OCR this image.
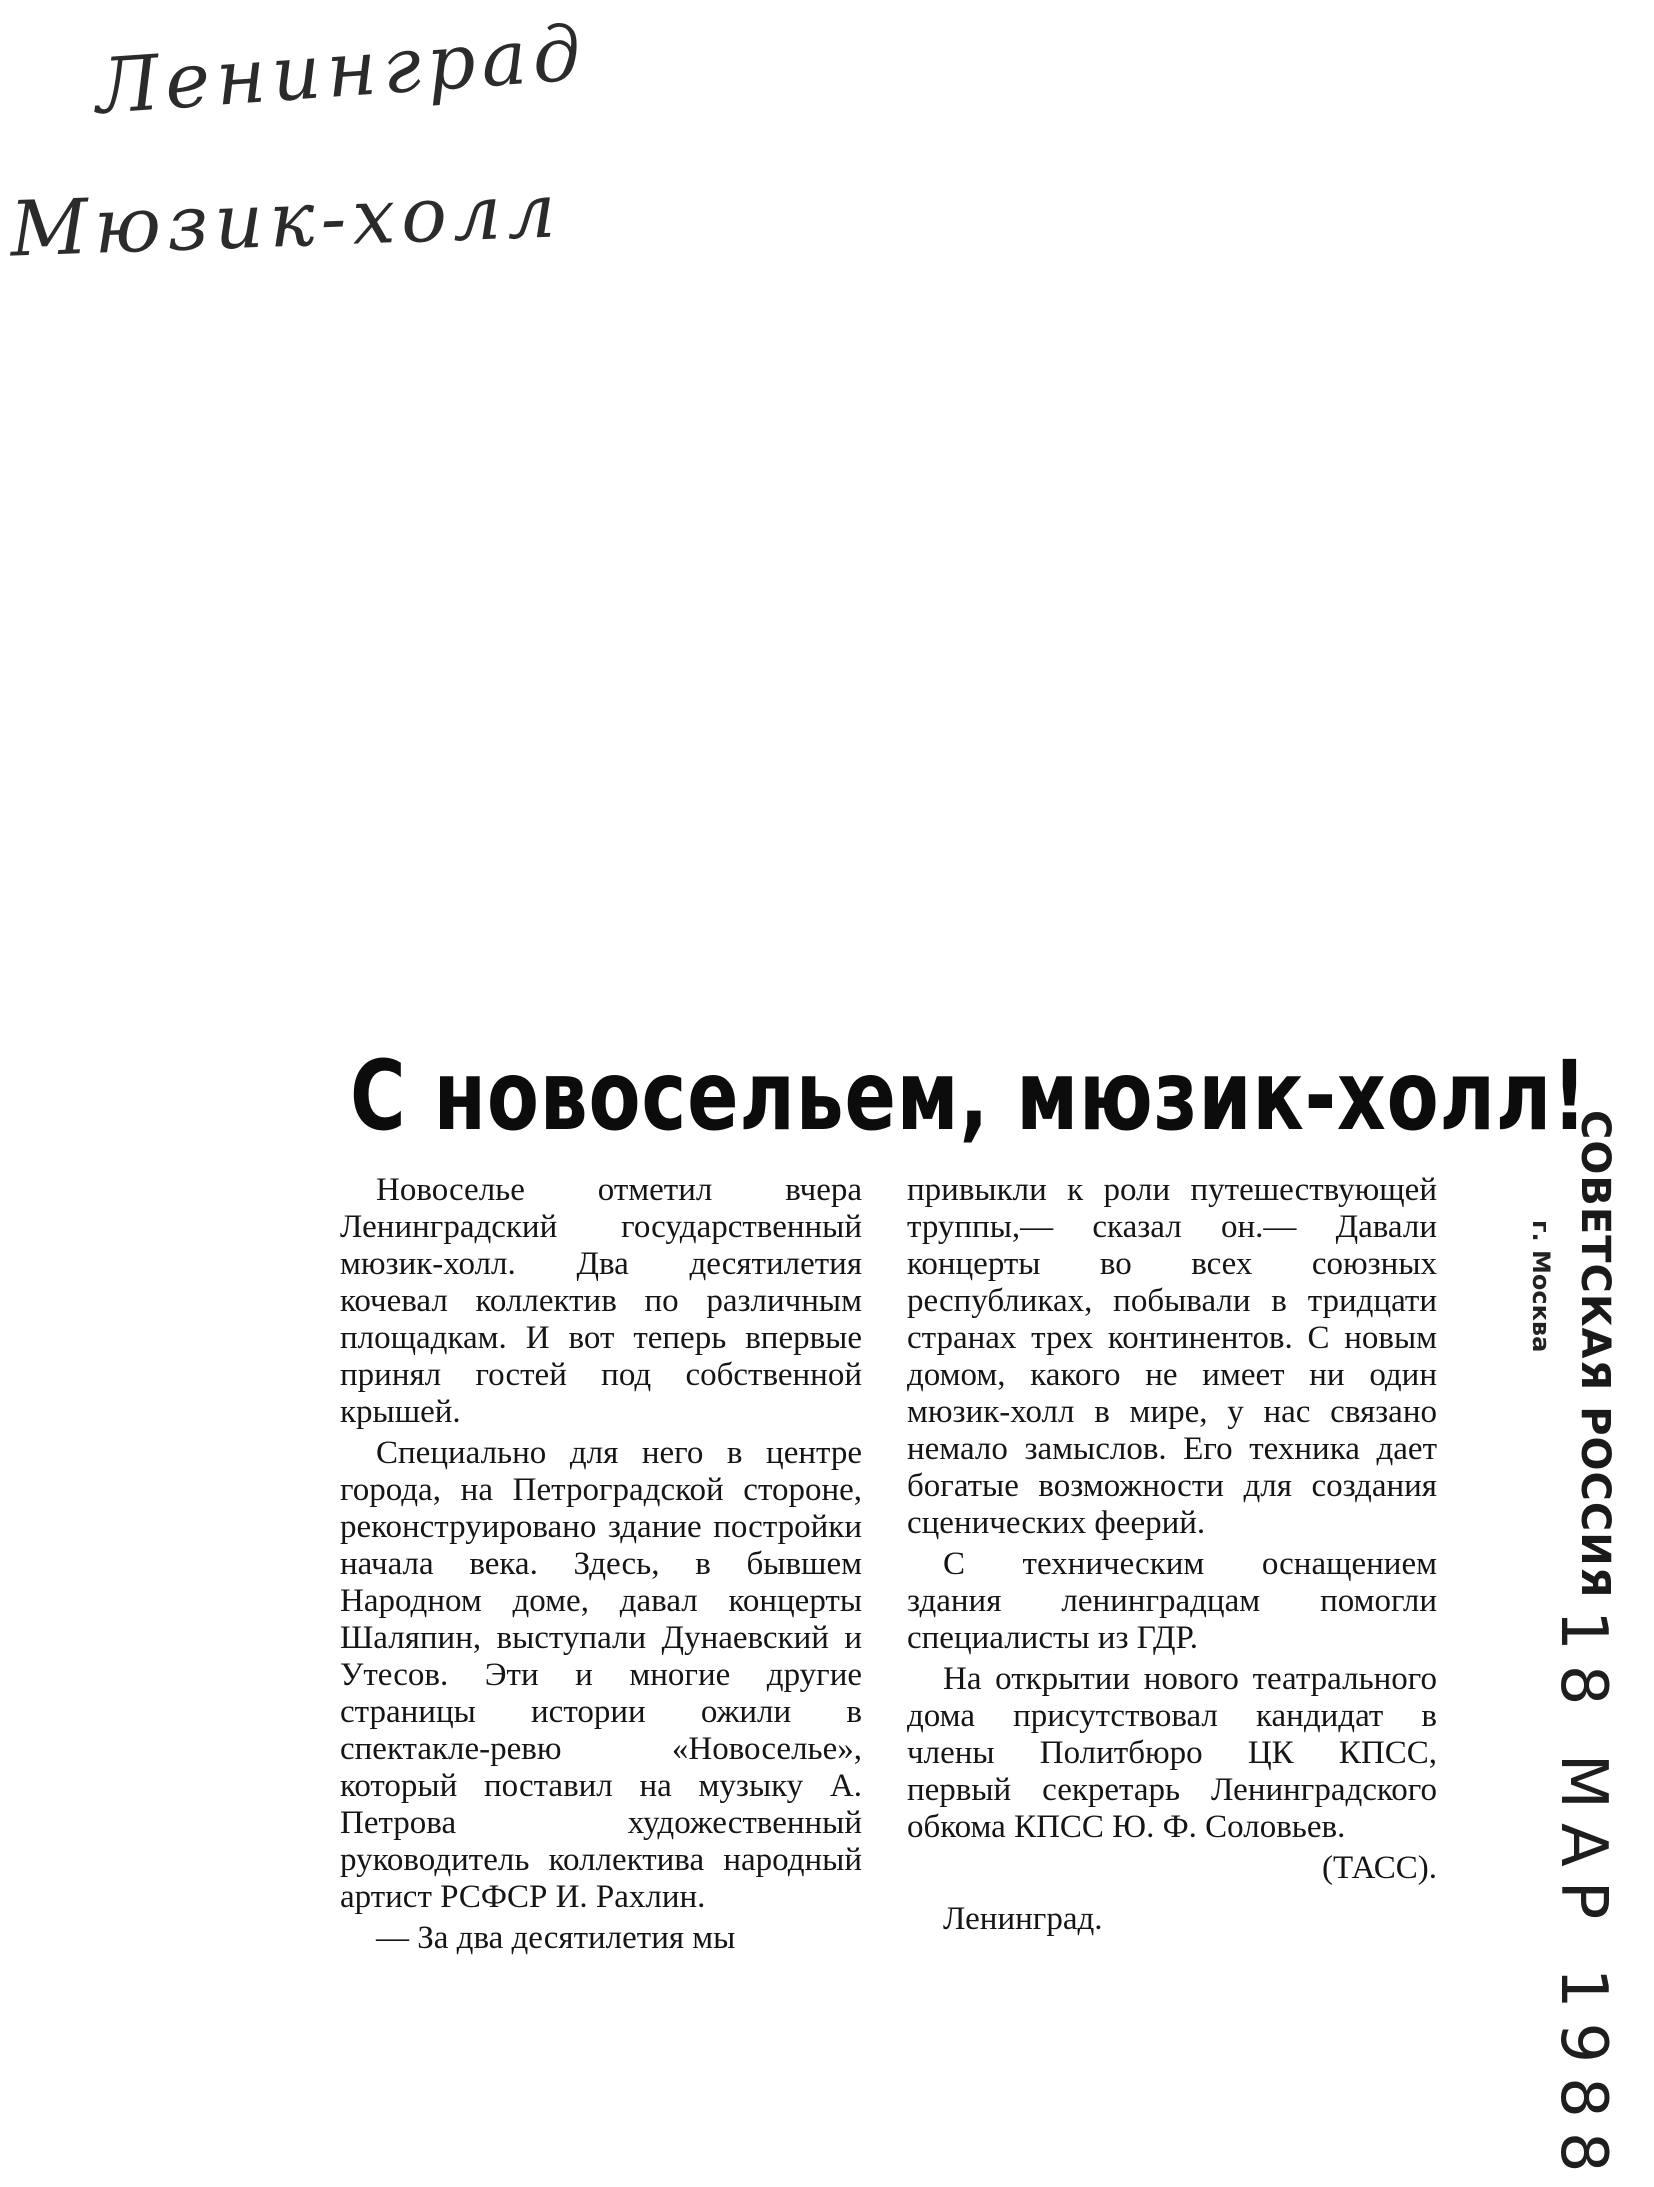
Ленинград
Мюзик-холл
С новосельем, мюзик-холл!

Новоселье отметил вчера Ленинградский государственный мюзик-холл. Два десятилетия кочевал коллектив по различным площадкам. И вот теперь впервые принял гостей под собственной крышей.

Специально для него в центре города, на Петроградской стороне, реконструировано здание постройки начала века. Здесь, в бывшем Народном доме, давал концерты Шаляпин, выступали Дунаевский и Утесов. Эти и многие другие страницы истории ожили в спектакле-ревю «Новоселье», который поставил на музыку А. Петрова художественный руководитель коллектива народный артист РСФСР И. Рахлин.

— За два десятилетия мы

привыкли к роли путешествующей труппы,— сказал он.— Давали концерты во всех союзных республиках, побывали в тридцати странах трех континентов. С новым домом, какого не имеет ни один мюзик-холл в мире, у нас связано немало замыслов. Его техника дает богатые возможности для создания сценических феерий.

С техническим оснащением здания ленинградцам помогли специалисты из ГДР.

На открытии нового театрального дома присутствовал кандидат в члены Политбюро ЦК КПСС, первый секретарь Ленинградского обкома КПСС Ю. Ф. Соловьев.

(ТАСС).

Ленинград.

СОВЕТСКАЯ РОССИЯ
г. Москва
18 МАР 1988
